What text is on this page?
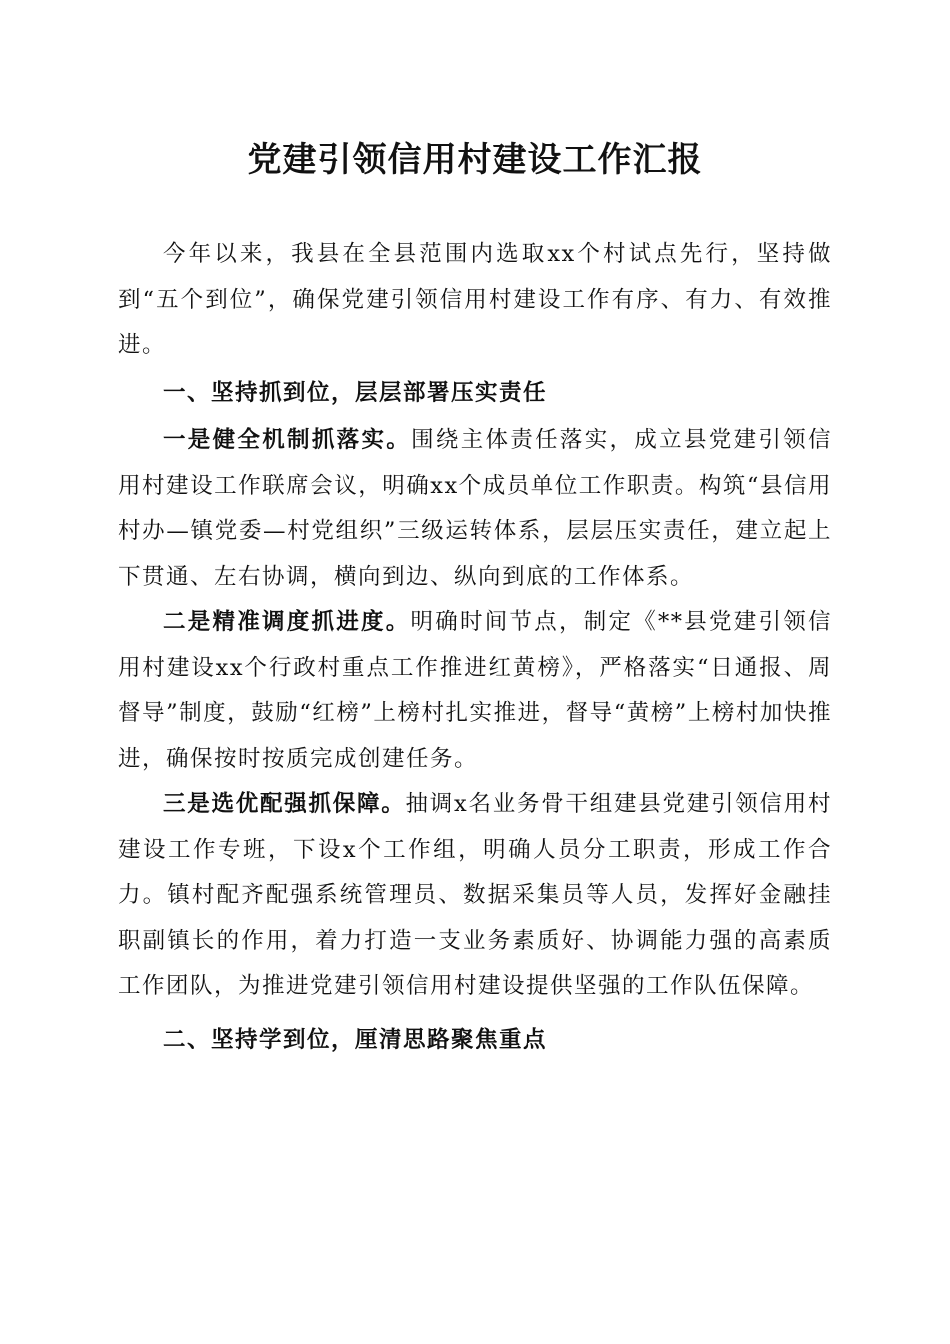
党建引领信用村建设工作汇报

今年以来，我县在全县范围内选取xx个村试点先行，坚持做到“五个到位”，确保党建引领信用村建设工作有序、有力、有效推进。

一、坚持抓到位，层层部署压实责任

一是健全机制抓落实。围绕主体责任落实，成立县党建引领信用村建设工作联席会议，明确xx个成员单位工作职责。构筑“县信用村办—镇党委—村党组织”三级运转体系，层层压实责任，建立起上下贯通、左右协调，横向到边、纵向到底的工作体系。

二是精准调度抓进度。明确时间节点，制定《**县党建引领信用村建设xx个行政村重点工作推进红黄榜》，严格落实“日通报、周督导”制度，鼓励“红榜”上榜村扎实推进，督导“黄榜”上榜村加快推进，确保按时按质完成创建任务。

三是选优配强抓保障。抽调x名业务骨干组建县党建引领信用村建设工作专班，下设x个工作组，明确人员分工职责，形成工作合力。镇村配齐配强系统管理员、数据采集员等人员，发挥好金融挂职副镇长的作用，着力打造一支业务素质好、协调能力强的高素质工作团队，为推进党建引领信用村建设提供坚强的工作队伍保障。

二、坚持学到位，厘清思路聚焦重点
